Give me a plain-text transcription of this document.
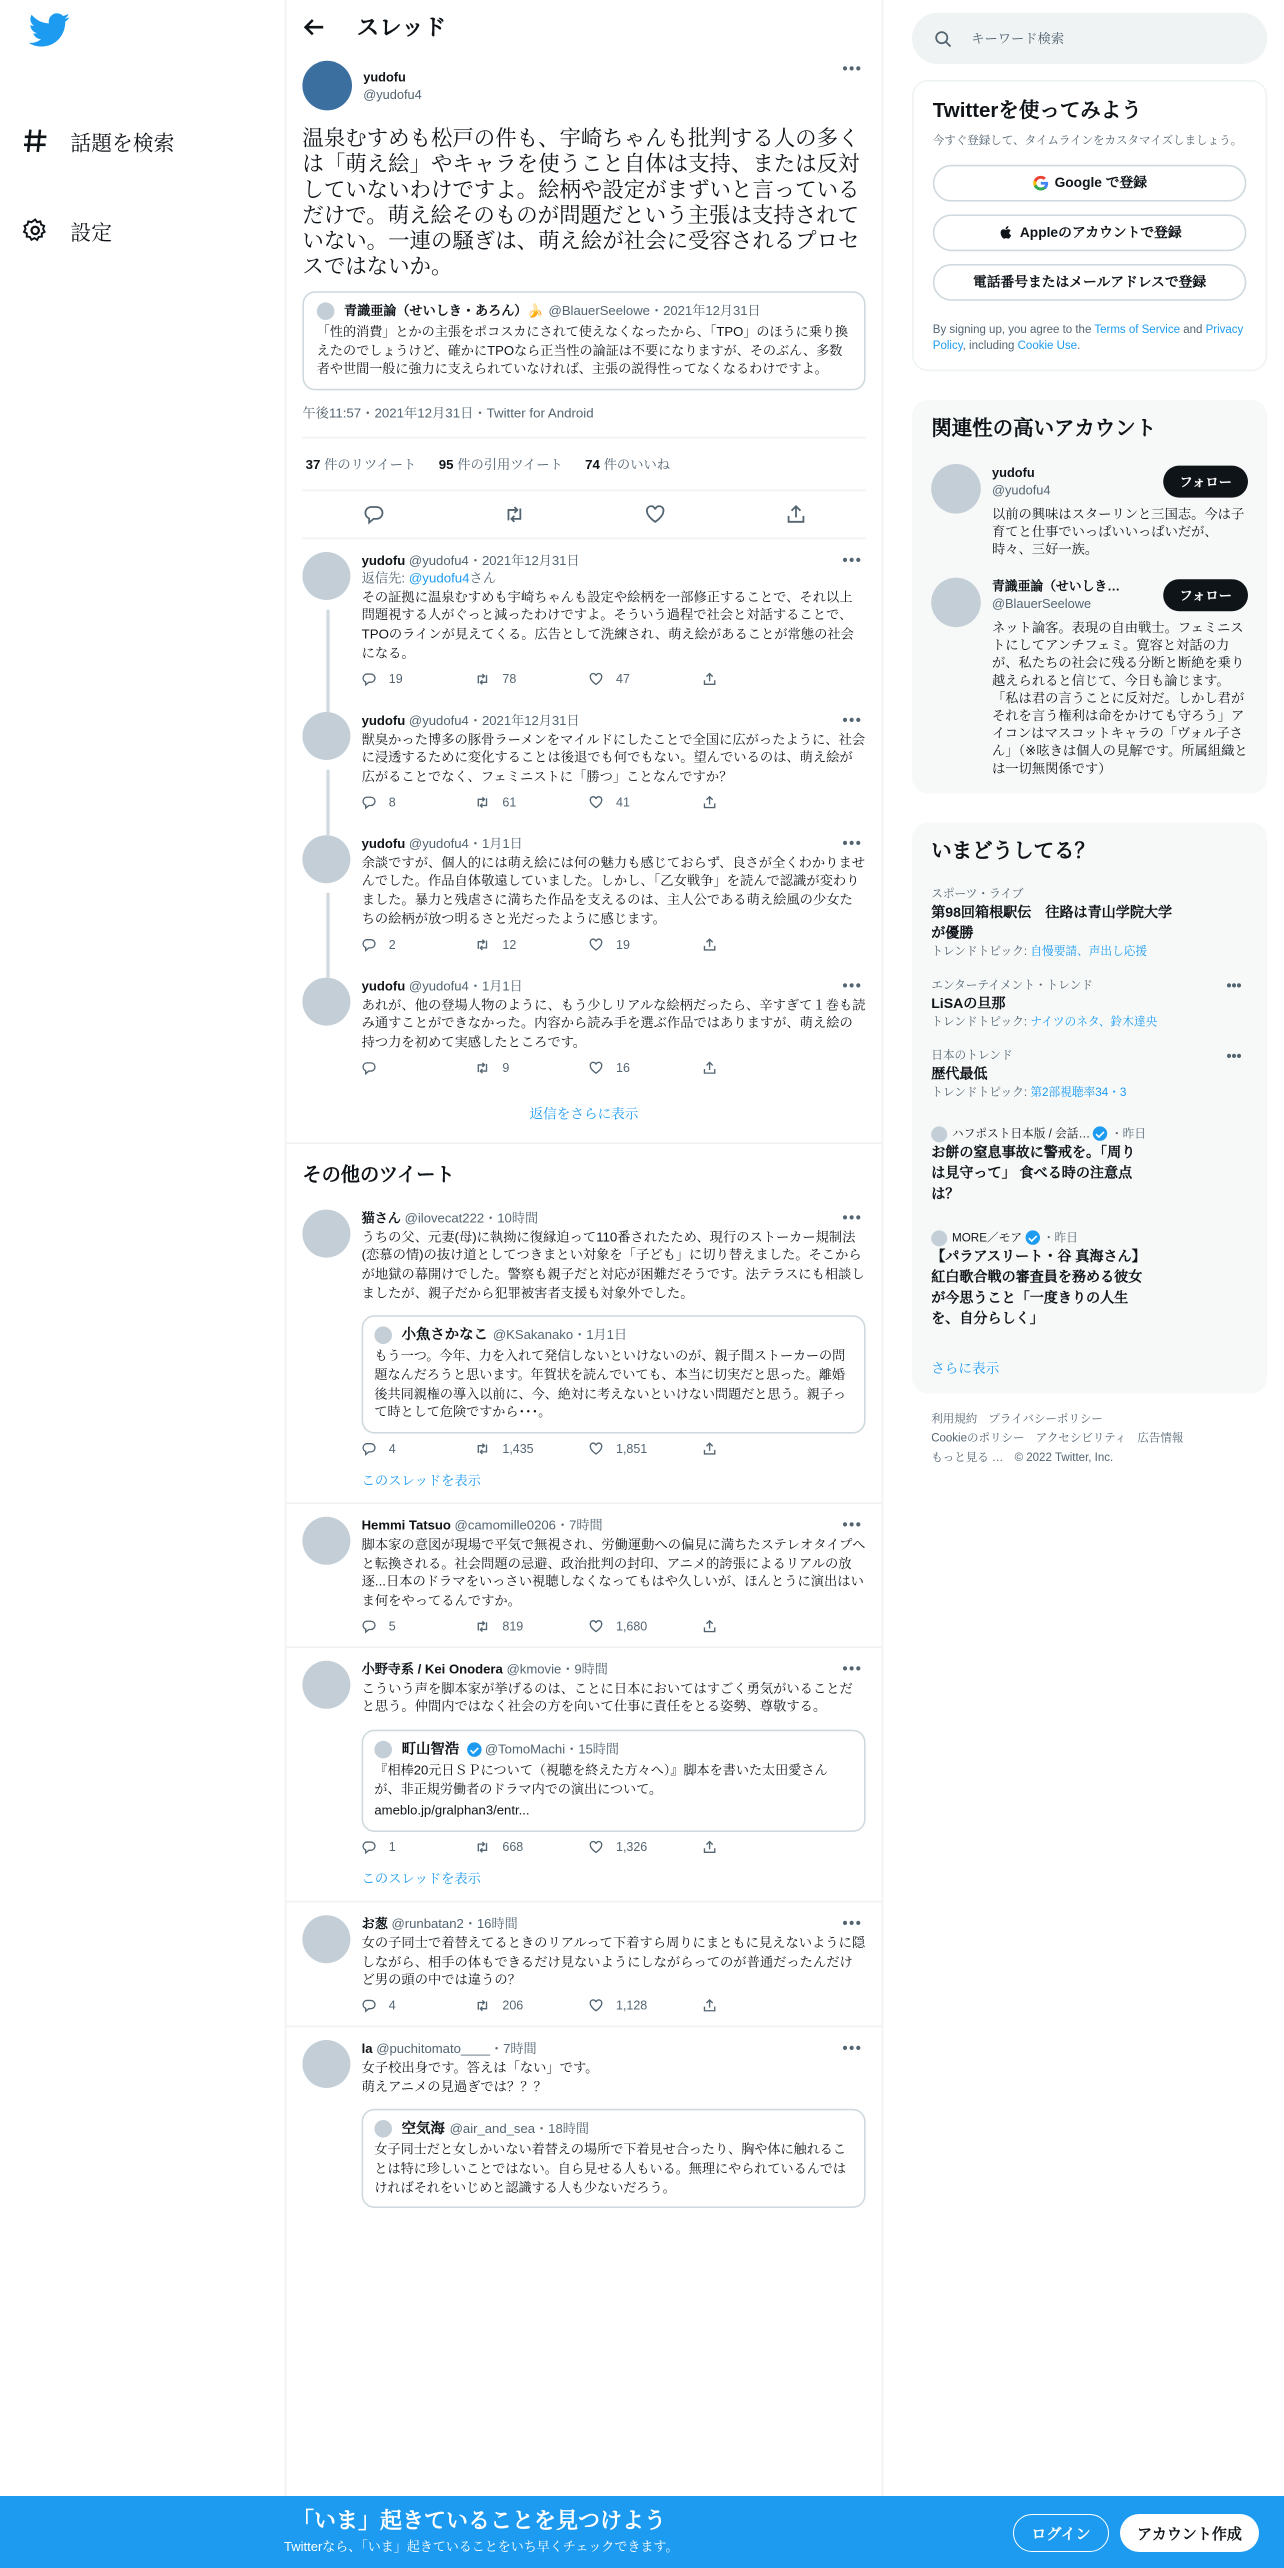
話題を検索
設定
スレッド
yudofu
@yudofu4
•••
温泉むすめも松戸の件も、宇崎ちゃんも批判する人の多くは「萌え絵」やキャラを使うこと自体は支持、または反対していないわけですよ。絵柄や設定がまずいと言っているだけで。萌え絵そのものが問題だという主張は支持されていない。一連の騒ぎは、萌え絵が社会に受容されるプロセスではないか。
青識亜論（せいしき・あろん）🍌 @BlauerSeelowe ・ 2021年12月31日
「性的消費」とかの主張をポコスカにされて使えなくなったから、「TPO」のほうに乗り換えたのでしょうけど、確かにTPOなら正当性の論証は不要になりますが、そのぶん、多数者や世間一般に強力に支えられていなければ、主張の説得性ってなくなるわけですよ。
午後11:57・2021年12月31日・Twitter for Android
37 件のリツイート	95 件の引用ツイート	74 件のいいね
yudofu @yudofu4・2021年12月31日	•••
返信先: @yudofu4さん
その証拠に温泉むすめも宇崎ちゃんも設定や絵柄を一部修正することで、それ以上問題視する人がぐっと減ったわけですよ。そういう過程で社会と対話することで、TPOのラインが見えてくる。広告として洗練され、萌え絵があることが常態の社会になる。
19	78	47
yudofu @yudofu4・2021年12月31日	•••
獣臭かった博多の豚骨ラーメンをマイルドにしたことで全国に広がったように、社会に浸透するために変化することは後退でも何でもない。望んでいるのは、萌え絵が広がることでなく、フェミニストに「勝つ」ことなんですか？
8	61	41
yudofu @yudofu4・1月1日	•••
余談ですが、個人的には萌え絵には何の魅力も感じておらず、良さが全くわかりませんでした。作品自体敬遠していました。しかし、「乙女戦争」を読んで認識が変わりました。暴力と残虐さに満ちた作品を支えるのは、主人公である萌え絵風の少女たちの絵柄が放つ明るさと光だったように感じます。
2	12	19
yudofu @yudofu4・1月1日	•••
あれが、他の登場人物のように、もう少しリアルな絵柄だったら、辛すぎて１巻も読み通すことができなかった。内容から読み手を選ぶ作品ではありますが、萌え絵の持つ力を初めて実感したところです。
9	16
返信をさらに表示
その他のツイート
猫さん @ilovecat222・10時間	•••
うちの父、元妻(母)に執拗に復縁迫って110番されたため、現行のストーカー規制法(恋慕の情)の抜け道としてつきまとい対象を「子ども」に切り替えました。そこからが地獄の幕開けでした。警察も親子だと対応が困難だそうです。法テラスにも相談しましたが、親子だから犯罪被害者支援も対象外でした。
小魚さかなこ @KSakanako ・ 1月1日
もう一つ。今年、力を入れて発信しないといけないのが、親子間ストーカーの問題なんだろうと思います。年賀状を読んでいても、本当に切実だと思った。離婚後共同親権の導入以前に、今、絶対に考えないといけない問題だと思う。親子って時として危険ですから･･･。
4	1,435	1,851
このスレッドを表示
Hemmi Tatsuo @camomille0206・7時間	•••
脚本家の意図が現場で平気で無視され、労働運動への偏見に満ちたステレオタイプへと転換される。社会問題の忌避、政治批判の封印、アニメ的誇張によるリアルの放逐...日本のドラマをいっさい視聴しなくなってもはや久しいが、ほんとうに演出はいま何をやってるんですか。
5	819	1,680
小野寺系 / Kei Onodera @kmovie・9時間	•••
こういう声を脚本家が挙げるのは、ことに日本においてはすごく勇気がいることだと思う。仲間内ではなく社会の方を向いて仕事に責任をとる姿勢、尊敬する。
町山智浩	@TomoMachi ・ 15時間
『相棒20元日ＳＰについて（視聴を終えた方々へ）』脚本を書いた太田愛さんが、非正規労働者のドラマ内での演出について。
ameblo.jp/gralphan3/entr...
1	668	1,326
このスレッドを表示
お葱 @runbatan2・16時間	•••
女の子同士で着替えてるときのリアルって下着すら周りにまともに見えないように隠しながら、相手の体もできるだけ見ないようにしながらってのが普通だったんだけど男の頭の中では違うの？
4	206	1,128
la @puchitomato____・7時間	•••
女子校出身です。答えは「ない」です。
萌えアニメの見過ぎでは？？？
空気海 @air_and_sea ・ 18時間
女子同士だと女しかいない着替えの場所で下着見せ合ったり、胸や体に触れることは特に珍しいことではない。自ら見せる人もいる。無理にやられているんではければそれをいじめと認識する人も少ないだろう。
キーワード検索
Twitterを使ってみよう
今すぐ登録して、タイムラインをカスタマイズしましょう。
Google で登録
Appleのアカウントで登録
電話番号またはメールアドレスで登録
By signing up, you agree to the Terms of Service and Privacy Policy, including Cookie Use.
関連性の高いアカウント
yudofu
@yudofu4
以前の興味はスターリンと三国志。今は子育てと仕事でいっぱいいっぱいだが、時々、三好一族。
フォロー
青識亜論（せいしき…
@BlauerSeelowe
ネット論客。表現の自由戦士。フェミニストにしてアンチフェミ。寛容と対話の力が、私たちの社会に残る分断と断絶を乗り越えられると信じて、今日も論じます。「私は君の言うことに反対だ。しかし君がそれを言う権利は命をかけても守ろう」アイコンはマスコットキャラの「ヴォル子さん」（※呟きは個人の見解です。所属組織とは一切無関係です）
フォロー
いまどうしてる？
スポーツ・ライブ
第98回箱根駅伝　往路は青山学院大学が優勝
トレンドトピック: 自慢要請、声出し応援
エンターテイメント・トレンド	•••
LiSAの旦那
トレンドトピック: ナイツのネタ、鈴木達央
日本のトレンド	•••
歴代最低
トレンドトピック: 第2部視聴率34・3
ハフポスト日本版 / 会話…	・ 昨日
お餅の窒息事故に警戒を。「周りは見守って」 食べる時の注意点は？
MORE／モア	・ 昨日
【パラアスリート・谷 真海さん】紅白歌合戦の審査員を務める彼女が今思うこと「一度きりの人生を、自分らしく」
さらに表示
利用規約 プライバシーポリシー
Cookieのポリシー アクセシビリティ 広告情報
もっと見る … © 2022 Twitter, Inc.
「いま」起きていることを見つけよう
Twitterなら、「いま」起きていることをいち早くチェックできます。
ログイン	アカウント作成
